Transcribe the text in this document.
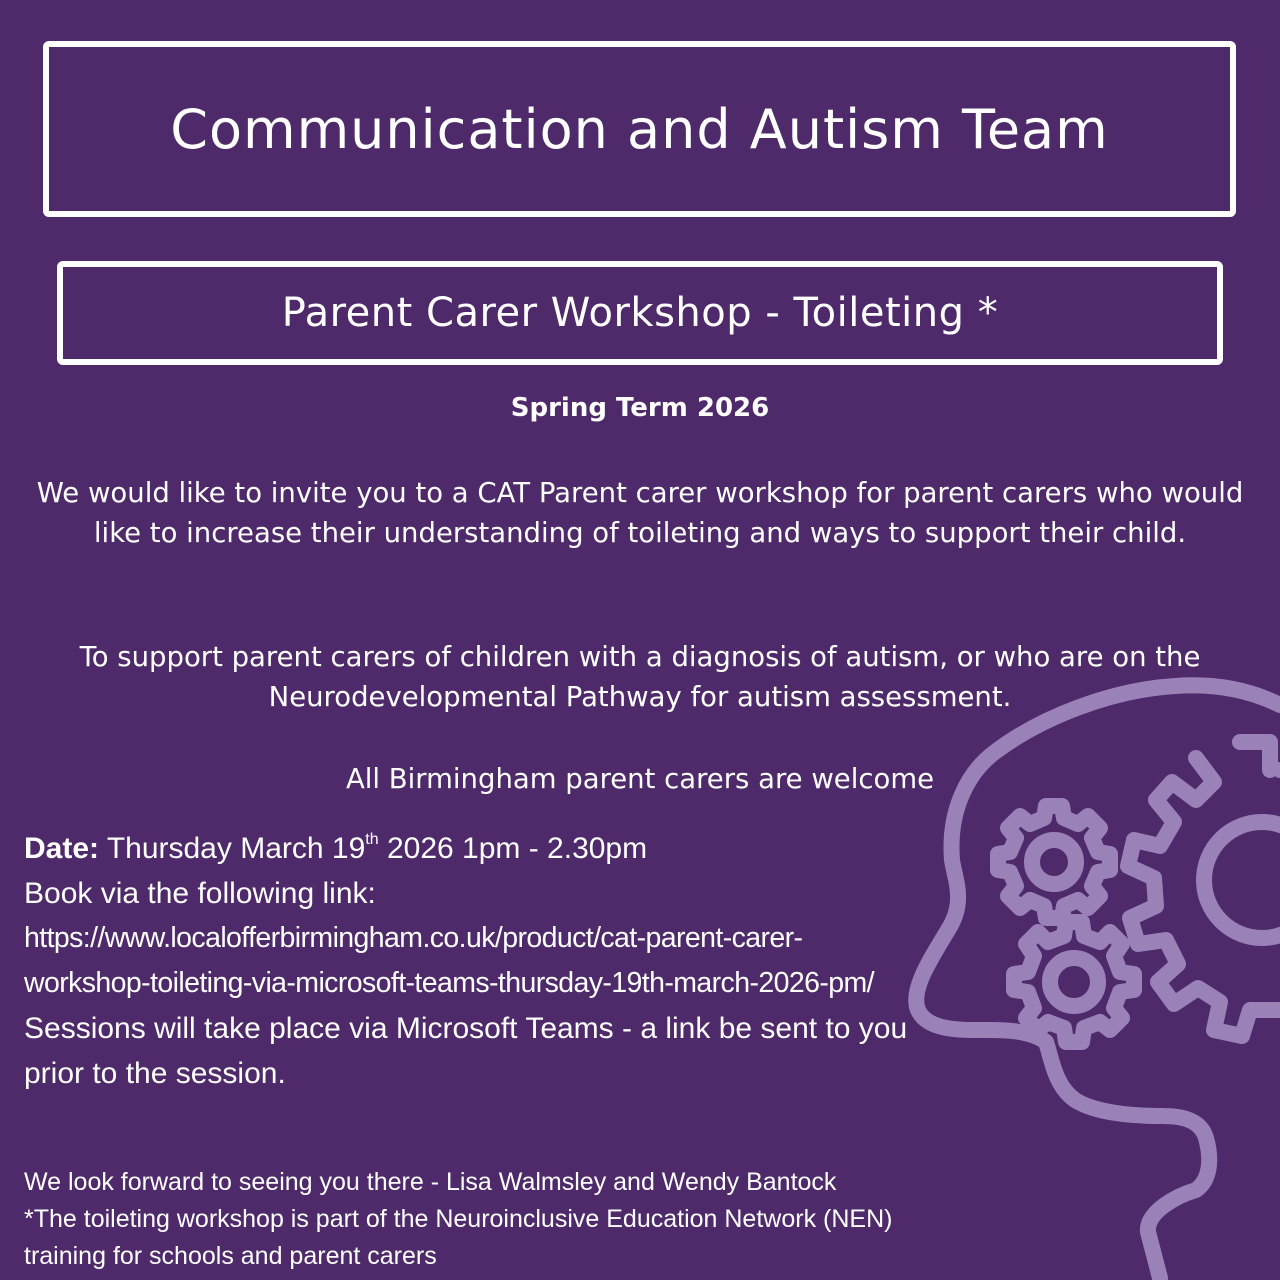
Communication and Autism Team
Parent Carer Workshop - Toileting *
Spring Term 2026

We would like to invite you to a CAT Parent carer workshop for parent carers who would like to increase their understanding of toileting and ways to support their child.

To support parent carers of children with a diagnosis of autism, or who are on the Neurodevelopmental Pathway for autism assessment.

All Birmingham parent carers are welcome

Date: Thursday March 19th 2026 1pm - 2.30pm
Book via the following link:
https://www.localofferbirmingham.co.uk/product/cat-parent-carer-workshop-toileting-via-microsoft-teams-thursday-19th-march-2026-pm/
Sessions will take place via Microsoft Teams - a link be sent to you prior to the session.
We look forward to seeing you there - Lisa Walmsley and Wendy Bantock
*The toileting workshop is part of the Neuroinclusive Education Network (NEN) training for schools and parent carers
